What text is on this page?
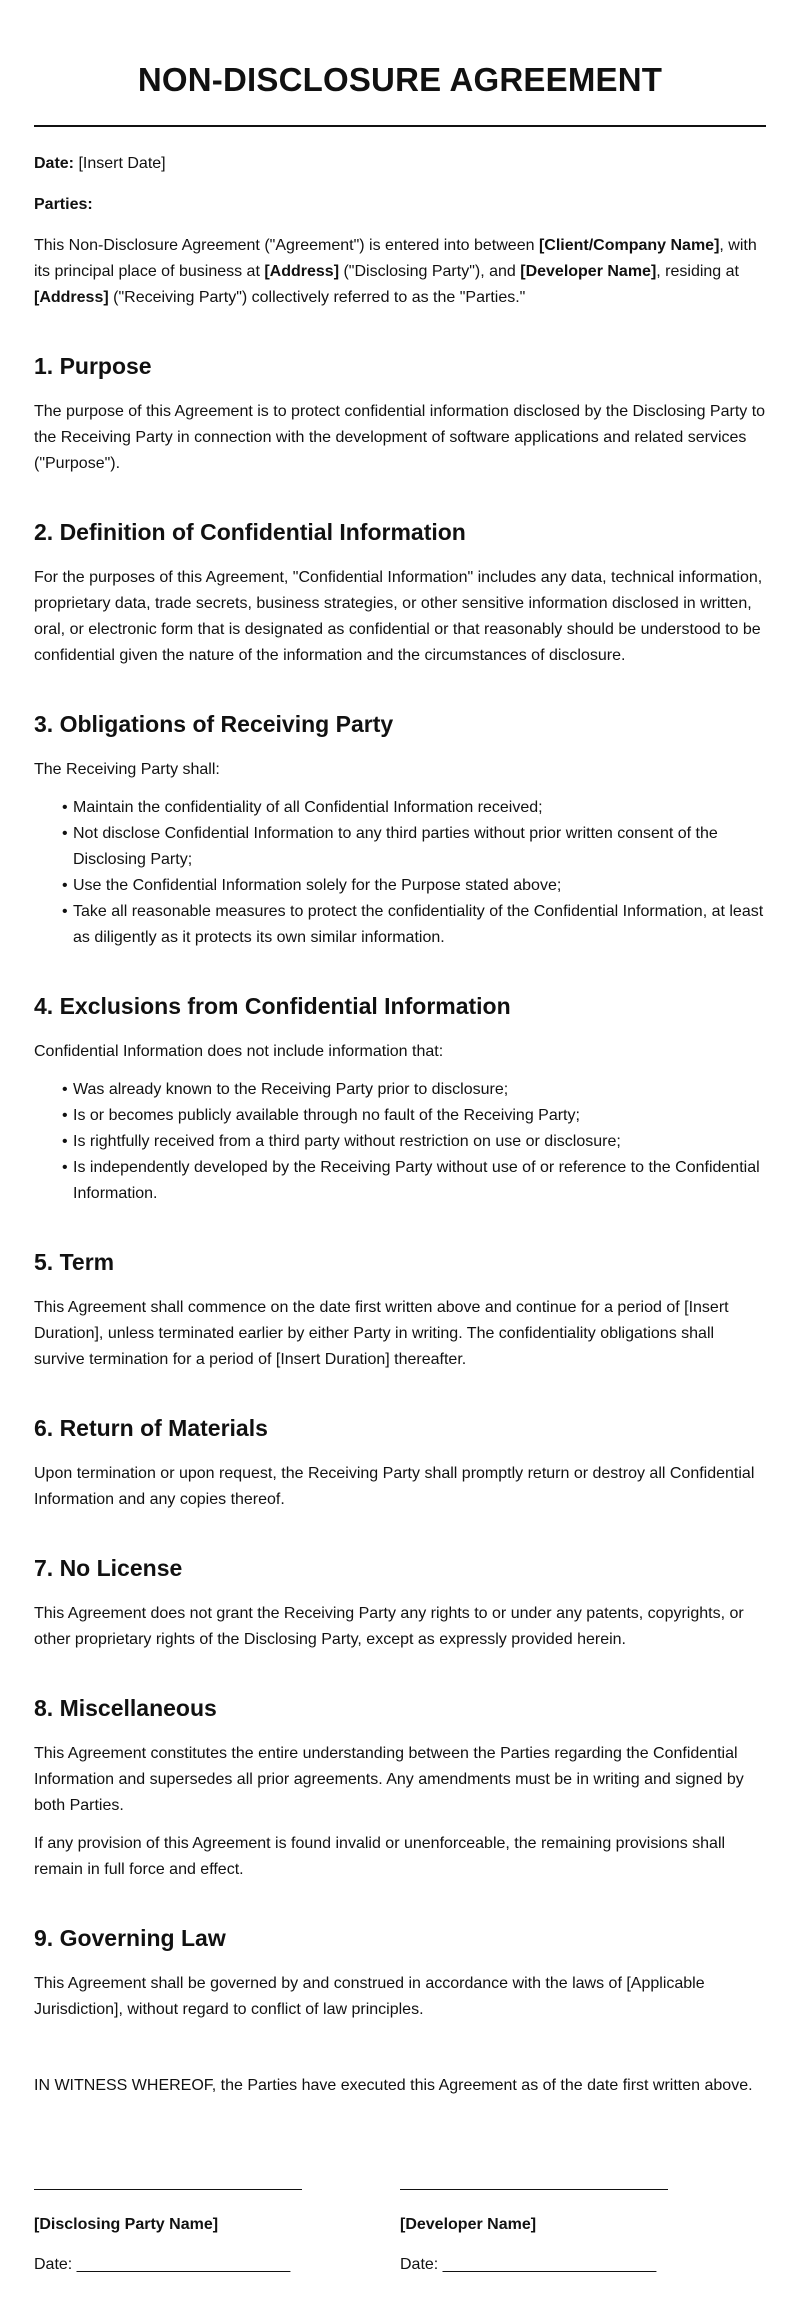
NON-DISCLOSURE AGREEMENT

Date: [Insert Date]

Parties:

This Non-Disclosure Agreement ("Agreement") is entered into between [Client/Company Name], with its principal place of business at [Address] ("Disclosing Party"), and [Developer Name], residing at [Address] ("Receiving Party") collectively referred to as the "Parties."

1. Purpose

The purpose of this Agreement is to protect confidential information disclosed by the Disclosing Party to the Receiving Party in connection with the development of software applications and related services ("Purpose").

2. Definition of Confidential Information

For the purposes of this Agreement, "Confidential Information" includes any data, technical information, proprietary data, trade secrets, business strategies, or other sensitive information disclosed in written, oral, or electronic form that is designated as confidential or that reasonably should be understood to be confidential given the nature of the information and the circumstances of disclosure.

3. Obligations of Receiving Party

The Receiving Party shall:

• Maintain the confidentiality of all Confidential Information received;
• Not disclose Confidential Information to any third parties without prior written consent of the Disclosing Party;
• Use the Confidential Information solely for the Purpose stated above;
• Take all reasonable measures to protect the confidentiality of the Confidential Information, at least as diligently as it protects its own similar information.
4. Exclusions from Confidential Information

Confidential Information does not include information that:

• Was already known to the Receiving Party prior to disclosure;
• Is or becomes publicly available through no fault of the Receiving Party;
• Is rightfully received from a third party without restriction on use or disclosure;
• Is independently developed by the Receiving Party without use of or reference to the Confidential Information.
5. Term

This Agreement shall commence on the date first written above and continue for a period of [Insert Duration], unless terminated earlier by either Party in writing. The confidentiality obligations shall survive termination for a period of [Insert Duration] thereafter.

6. Return of Materials

Upon termination or upon request, the Receiving Party shall promptly return or destroy all Confidential Information and any copies thereof.

7. No License

This Agreement does not grant the Receiving Party any rights to or under any patents, copyrights, or other proprietary rights of the Disclosing Party, except as expressly provided herein.

8. Miscellaneous

This Agreement constitutes the entire understanding between the Parties regarding the Confidential Information and supersedes all prior agreements. Any amendments must be in writing and signed by both Parties.

If any provision of this Agreement is found invalid or unenforceable, the remaining provisions shall remain in full force and effect.

9. Governing Law

This Agreement shall be governed by and construed in accordance with the laws of [Applicable Jurisdiction], without regard to conflict of law principles.

IN WITNESS WHEREOF, the Parties have executed this Agreement as of the date first written above.

[Disclosing Party Name]
Date: ________________________
[Developer Name]
Date: ________________________
